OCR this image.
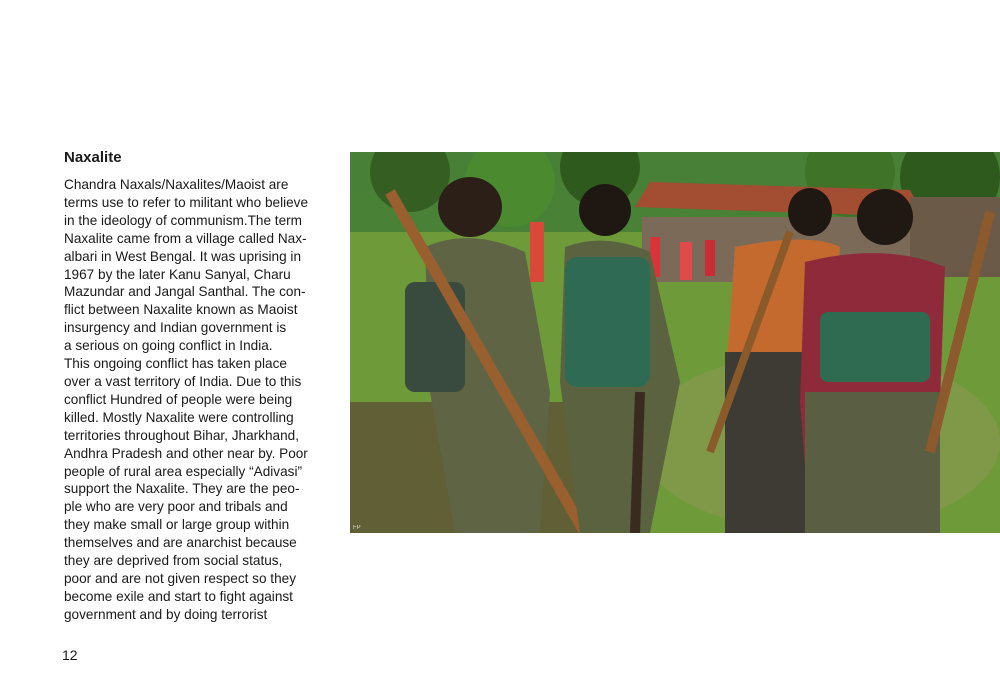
Naxalite
Chandra Naxals/Naxalites/Maoist are
terms use to refer to militant who believe
in the ideology of communism.The term
Naxalite came from a village called Nax-
albari in West Bengal. It was uprising in
1967 by the later Kanu Sanyal, Charu
Mazundar and Jangal Santhal. The con-
flict between Naxalite known as Maoist
insurgency and Indian government is
a serious on going conflict in India.
This ongoing conflict has taken place
over a vast territory of India. Due to this
conflict Hundred of people were being
killed. Mostly Naxalite were controlling
territories throughout Bihar, Jharkhand,
Andhra Pradesh and other near by. Poor
people of rural area especially “Adivasi”
support the Naxalite. They are the peo-
ple who are very poor and tribals and
they make small or large group within
themselves and are anarchist because
they are deprived from social status,
poor and are not given respect so they
become exile and start to fight against
government and by doing terrorist
FP
12
